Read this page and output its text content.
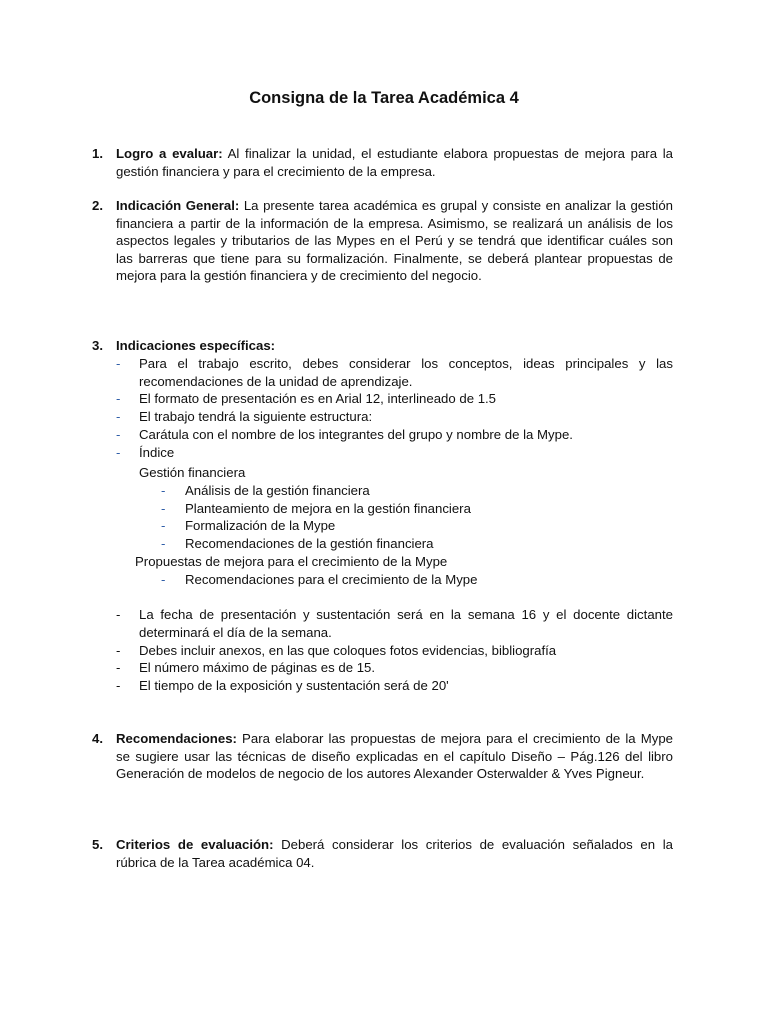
Consigna de la Tarea Académica 4
1. Logro a evaluar: Al finalizar la unidad, el estudiante elabora propuestas de mejora para la gestión financiera y para el crecimiento de la empresa.
2. Indicación General: La presente tarea académica es grupal y consiste en analizar la gestión financiera a partir de la información de la empresa. Asimismo, se realizará un análisis de los aspectos legales y tributarios de las Mypes en el Perú y se tendrá que identificar cuáles son las barreras que tiene para su formalización. Finalmente, se deberá plantear propuestas de mejora para la gestión financiera y de crecimiento del negocio.
3. Indicaciones específicas:
- Para el trabajo escrito, debes considerar los conceptos, ideas principales y las recomendaciones de la unidad de aprendizaje.
- El formato de presentación es en Arial 12, interlineado de 1.5
- El trabajo tendrá la siguiente estructura:
- Carátula con el nombre de los integrantes del grupo y nombre de la Mype.
- Índice
Gestión financiera
- Análisis de la gestión financiera
- Planteamiento de mejora en la gestión financiera
- Formalización de la Mype
- Recomendaciones de la gestión financiera
Propuestas de mejora para el crecimiento de la Mype
- Recomendaciones para el crecimiento de la Mype
- La fecha de presentación y sustentación será en la semana 16 y el docente dictante determinará el día de la semana.
- Debes incluir anexos, en las que coloques fotos evidencias, bibliografía
- El número máximo de páginas es de 15.
- El tiempo de la exposición y sustentación será de 20'
4. Recomendaciones: Para elaborar las propuestas de mejora para el crecimiento de la Mype se sugiere usar las técnicas de diseño explicadas en el capítulo Diseño – Pág.126 del libro Generación de modelos de negocio de los autores Alexander Osterwalder & Yves Pigneur.
5. Criterios de evaluación: Deberá considerar los criterios de evaluación señalados en la rúbrica de la Tarea académica 04.
